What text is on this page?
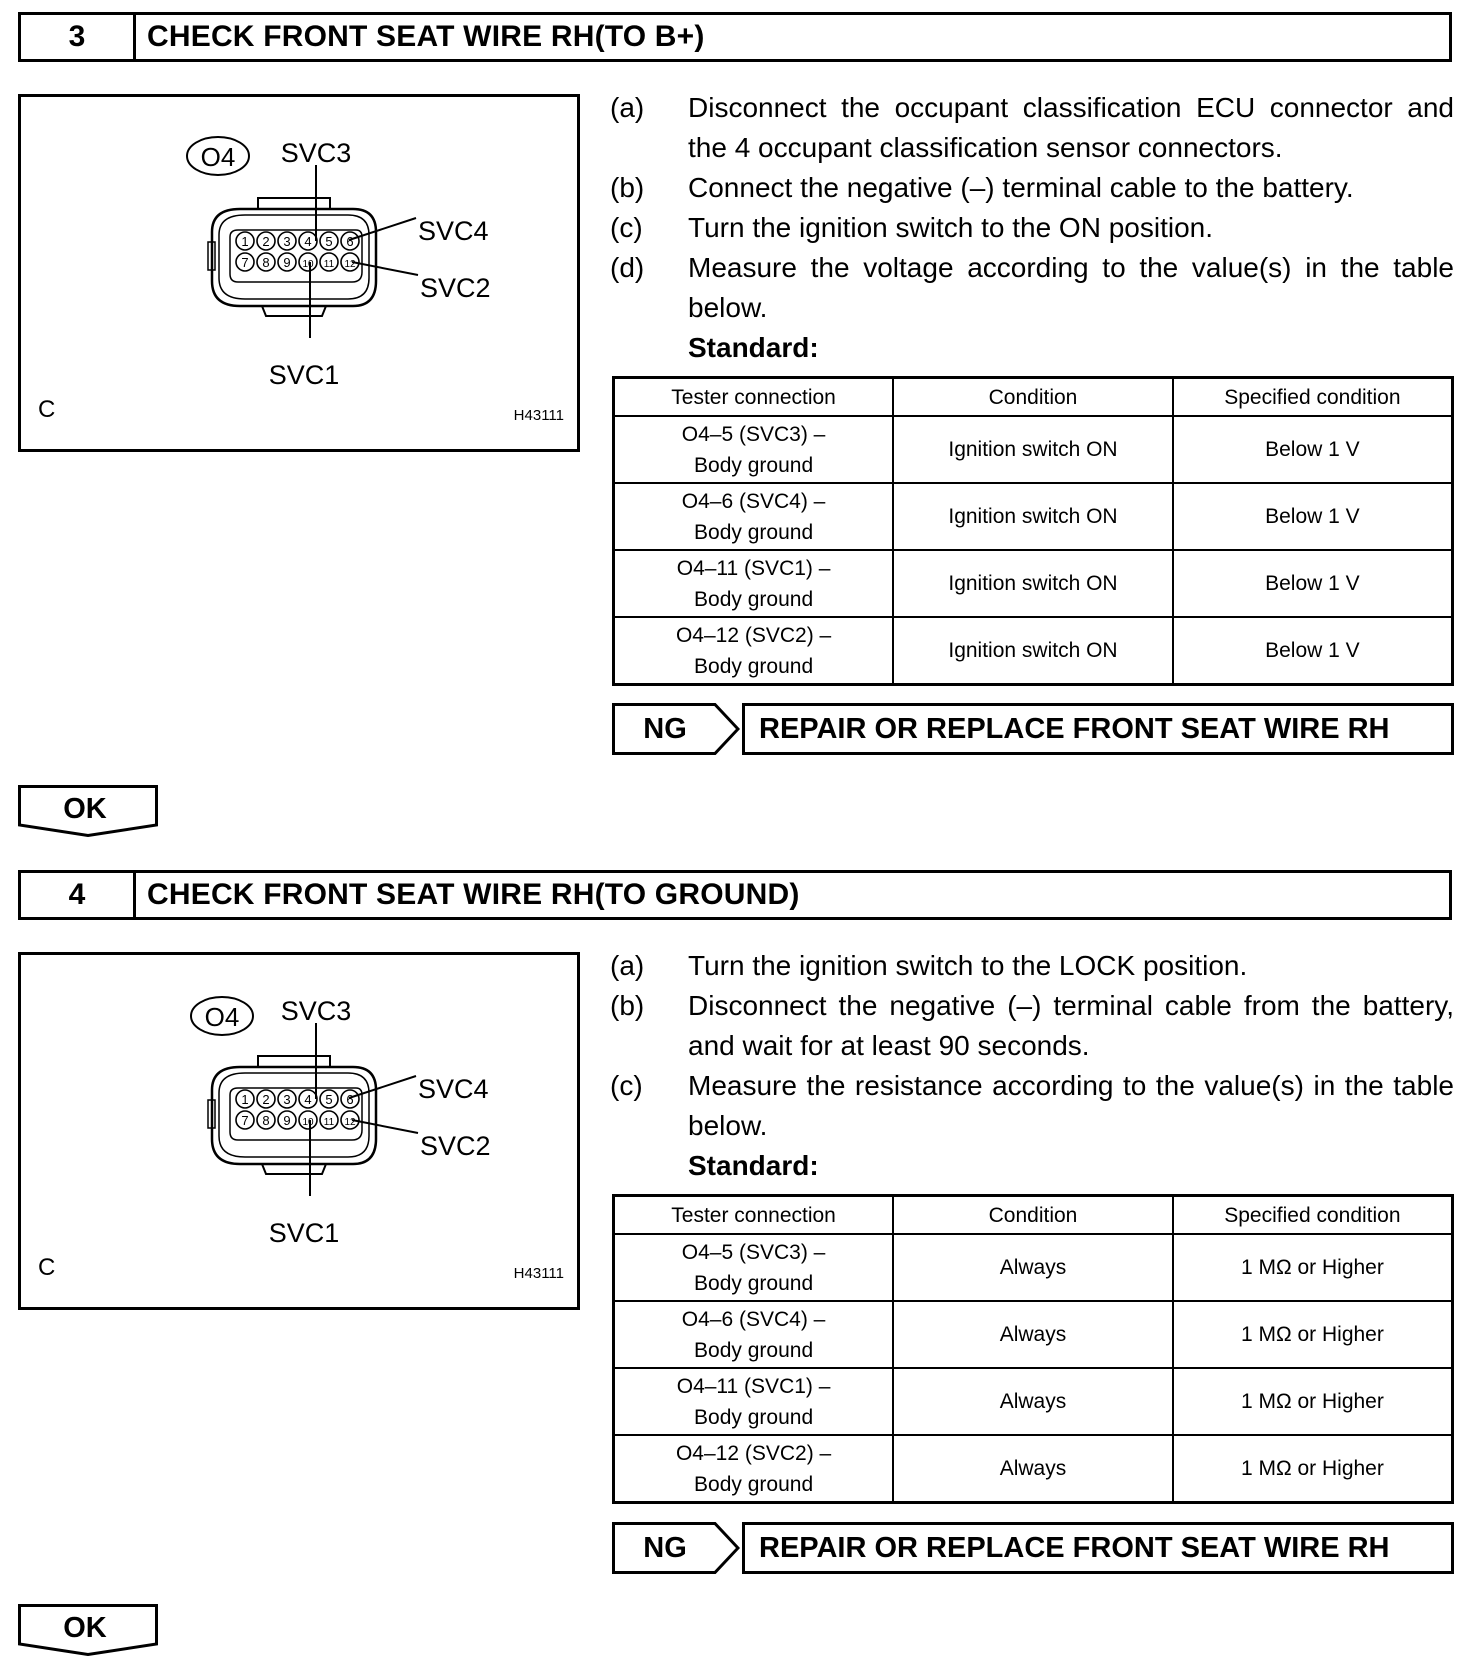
3	CHECK FRONT SEAT WIRE RH(TO B+)
O4 SVC3
SVC4
SVC2
SVC1
1 2 3 4 5 6
7 8 9 10 11 12
C	H43111
(a)	Disconnect the occupant classification ECU connector and the 4 occupant classification sensor connectors.
(b)	Connect the negative (–) terminal cable to the battery.
(c)	Turn the ignition switch to the ON position.
(d)	Measure the voltage according to the value(s) in the table below.
Standard:
Tester connection	Condition	Specified condition
O4–5 (SVC3) –
Body ground	Ignition switch ON	Below 1 V
O4–6 (SVC4) –
Body ground	Ignition switch ON	Below 1 V
O4–11 (SVC1) –
Body ground	Ignition switch ON	Below 1 V
O4–12 (SVC2) –
Body ground	Ignition switch ON	Below 1 V
NG	REPAIR OR REPLACE FRONT SEAT WIRE RH
OK
4	CHECK FRONT SEAT WIRE RH(TO GROUND)
O4 SVC3
SVC4
SVC2
SVC1
1 2 3 4 5 6
7 8 9 10 11 12
C	H43111
(a)	Turn the ignition switch to the LOCK position.
(b)	Disconnect the negative (–) terminal cable from the battery, and wait for at least 90 seconds.
(c)	Measure the resistance according to the value(s) in the table below.
Standard:
Tester connection	Condition	Specified condition
O4–5 (SVC3) –
Body ground	Always	1 MΩ or Higher
O4–6 (SVC4) –
Body ground	Always	1 MΩ or Higher
O4–11 (SVC1) –
Body ground	Always	1 MΩ or Higher
O4–12 (SVC2) –
Body ground	Always	1 MΩ or Higher
NG	REPAIR OR REPLACE FRONT SEAT WIRE RH
OK
